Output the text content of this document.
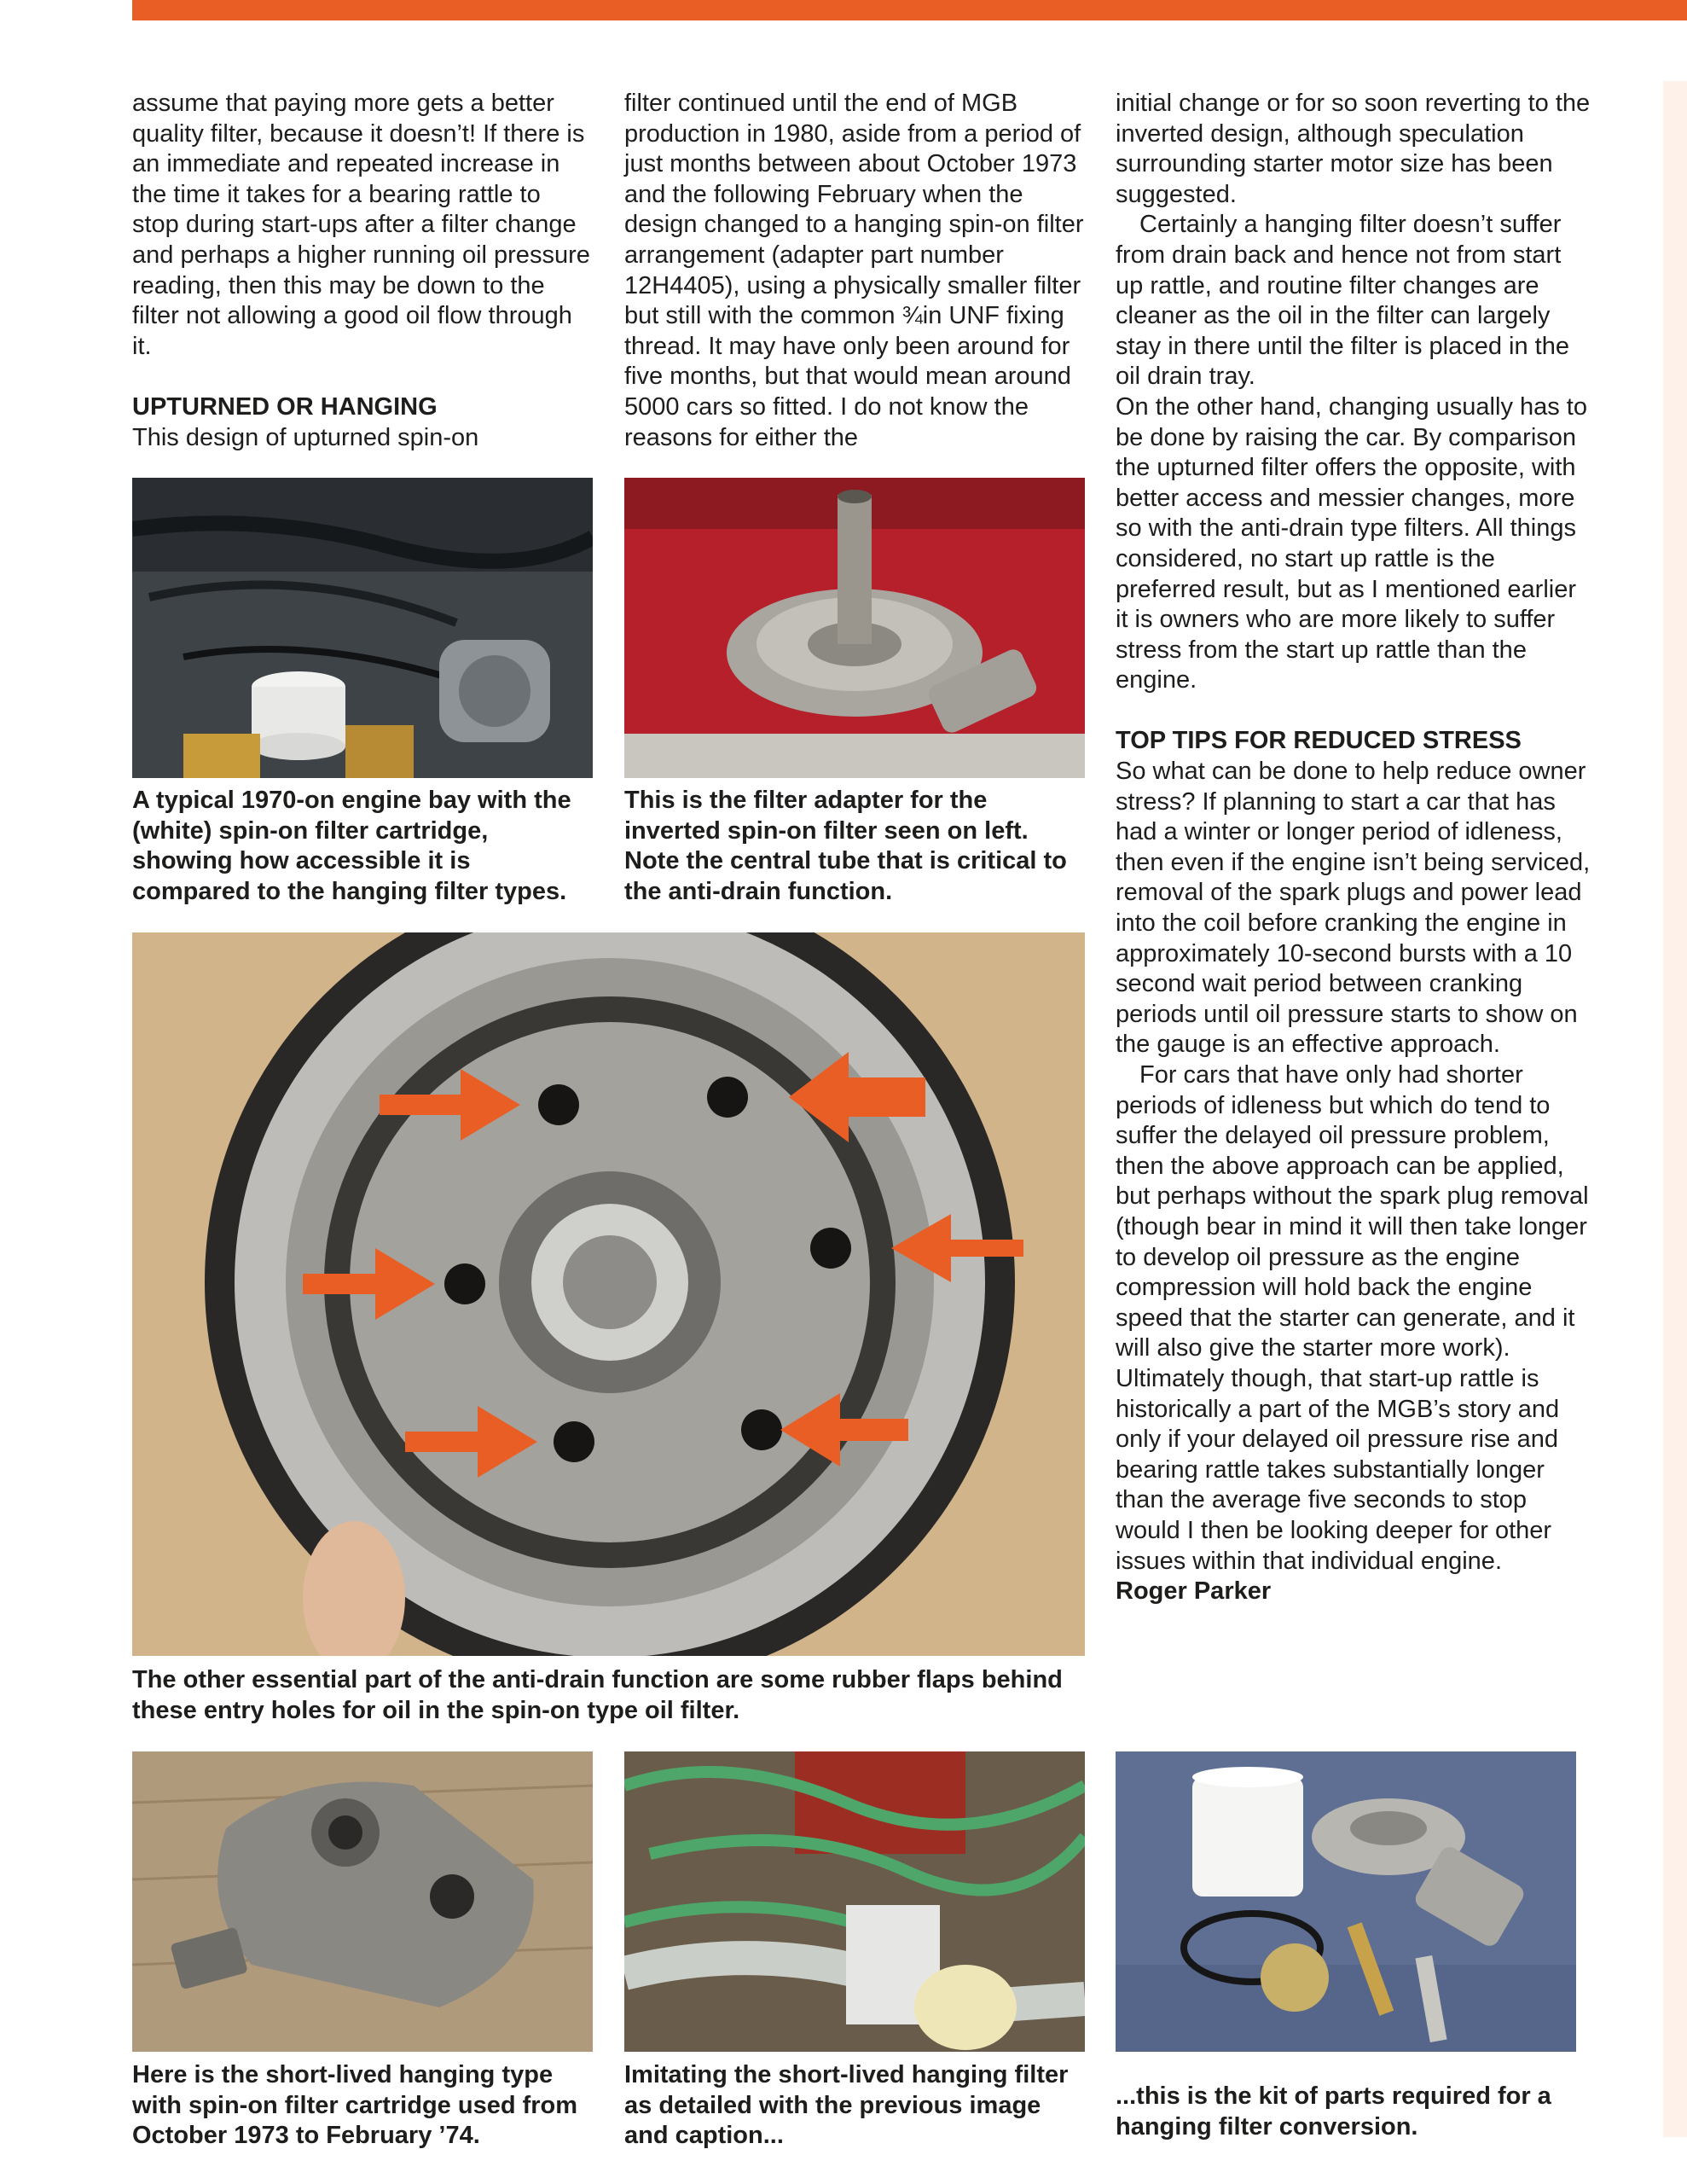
assume that paying more gets a better quality filter, because it doesn’t! If there is an immediate and repeated increase in the time it takes for a bearing rattle to stop during start-ups after a filter change and perhaps a higher running oil pressure reading, then this may be down to the filter not allowing a good oil flow through it.

UPTURNED OR HANGING

This design of upturned spin-on

filter continued until the end of MGB production in 1980, aside from a period of just months between about October 1973 and the following February when the design changed to a hanging spin-on filter arrangement (adapter part number 12H4405), using a physically smaller filter but still with the common ¾in UNF fixing thread. It may have only been around for five months, but that would mean around 5000 cars so fitted. I do not know the reasons for either the

initial change or for so soon reverting to the inverted design, although speculation surrounding starter motor size has been suggested.

Certainly a hanging filter doesn’t suffer from drain back and hence not from start up rattle, and routine filter changes are cleaner as the oil in the filter can largely stay in there until the filter is placed in the oil drain tray.

On the other hand, changing usually has to be done by raising the car. By comparison the upturned filter offers the opposite, with better access and messier changes, more so with the anti-drain type filters. All things considered, no start up rattle is the preferred result, but as I mentioned earlier it is owners who are more likely to suffer stress from the start up rattle than the engine.

TOP TIPS FOR REDUCED STRESS

So what can be done to help reduce owner stress? If planning to start a car that has had a winter or longer period of idleness, then even if the engine isn’t being serviced, removal of the spark plugs and power lead into the coil before cranking the engine in approximately 10-second bursts with a 10 second wait period between cranking periods until oil pressure starts to show on the gauge is an effective approach.

For cars that have only had shorter periods of idleness but which do tend to suffer the delayed oil pressure problem, then the above approach can be applied, but perhaps without the spark plug removal (though bear in mind it will then take longer to develop oil pressure as the engine compression will hold back the engine speed that the starter can generate, and it will also give the starter more work). Ultimately though, that start-up rattle is historically a part of the MGB’s story and only if your delayed oil pressure rise and bearing rattle takes substantially longer than the average five seconds to stop would I then be looking deeper for other issues within that individual engine.

Roger Parker

A typical 1970-on engine bay with the (white) spin-on filter cartridge, showing how accessible it is compared to the hanging filter types.

This is the filter adapter for the inverted spin-on filter seen on left. Note the central tube that is critical to the anti-drain function.

The other essential part of the anti-drain function are some rubber flaps behind these entry holes for oil in the spin-on type oil filter.

Here is the short-lived hanging type with spin-on filter cartridge used from October 1973 to February ’74.

Imitating the short-lived hanging filter as detailed with the previous image and caption...

...this is the kit of parts required for a hanging filter conversion.
